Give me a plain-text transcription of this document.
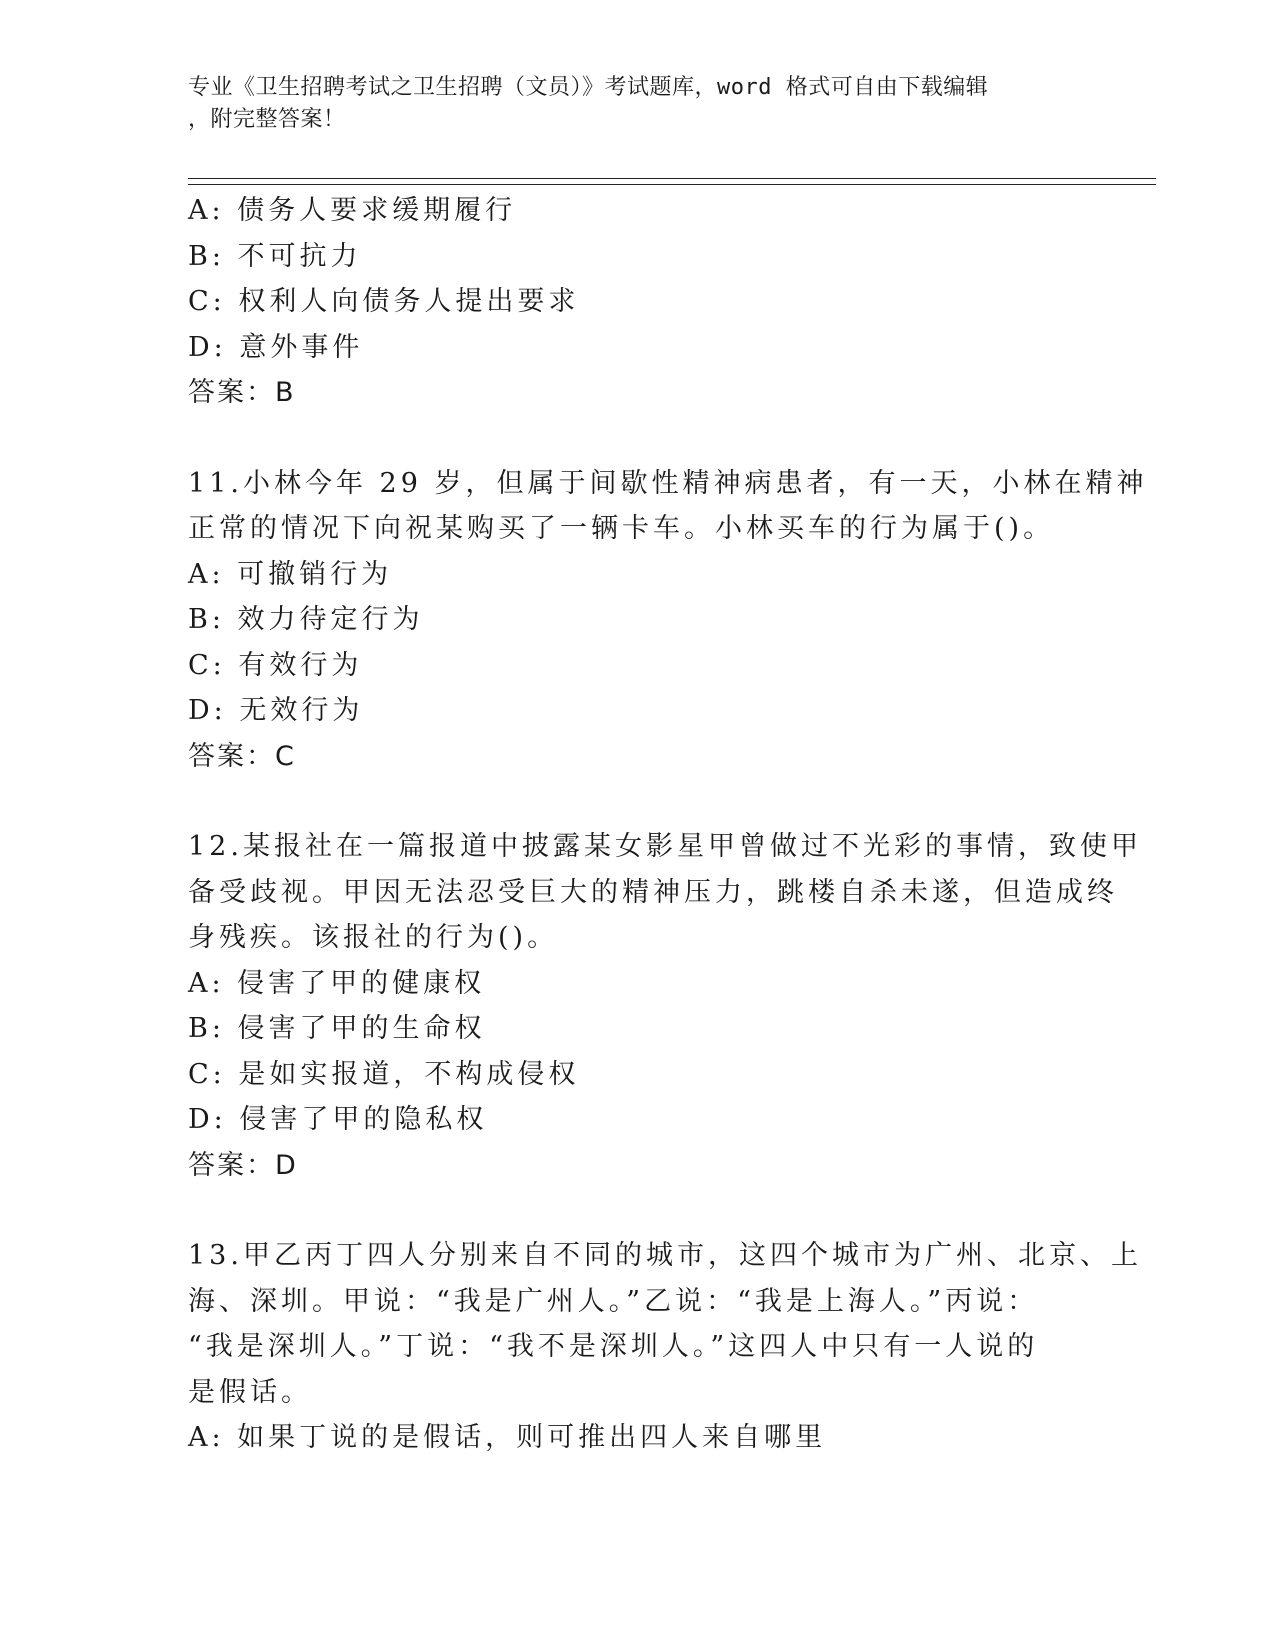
专业《卫生招聘考试之卫生招聘（文员）》考试题库，word 格式可自由下载编辑
，附完整答案！
A: 债务人要求缓期履行
B: 不可抗力
C: 权利人向债务人提出要求
D: 意外事件
答案：B
11.小林今年 29 岁，但属于间歇性精神病患者，有一天，小林在精神
正常的情况下向祝某购买了一辆卡车。小林买车的行为属于()。
A: 可撤销行为
B: 效力待定行为
C: 有效行为
D: 无效行为
答案：C
12.某报社在一篇报道中披露某女影星甲曾做过不光彩的事情，致使甲
备受歧视。甲因无法忍受巨大的精神压力，跳楼自杀未遂，但造成终
身残疾。该报社的行为()。
A: 侵害了甲的健康权
B: 侵害了甲的生命权
C: 是如实报道，不构成侵权
D: 侵害了甲的隐私权
答案：D
13.甲乙丙丁四人分别来自不同的城市，这四个城市为广州、北京、上
海、深圳。甲说：“我是广州人。”乙说：“我是上海人。”丙说：
“我是深圳人。”丁说：“我不是深圳人。”这四人中只有一人说的
是假话。
A: 如果丁说的是假话，则可推出四人来自哪里
